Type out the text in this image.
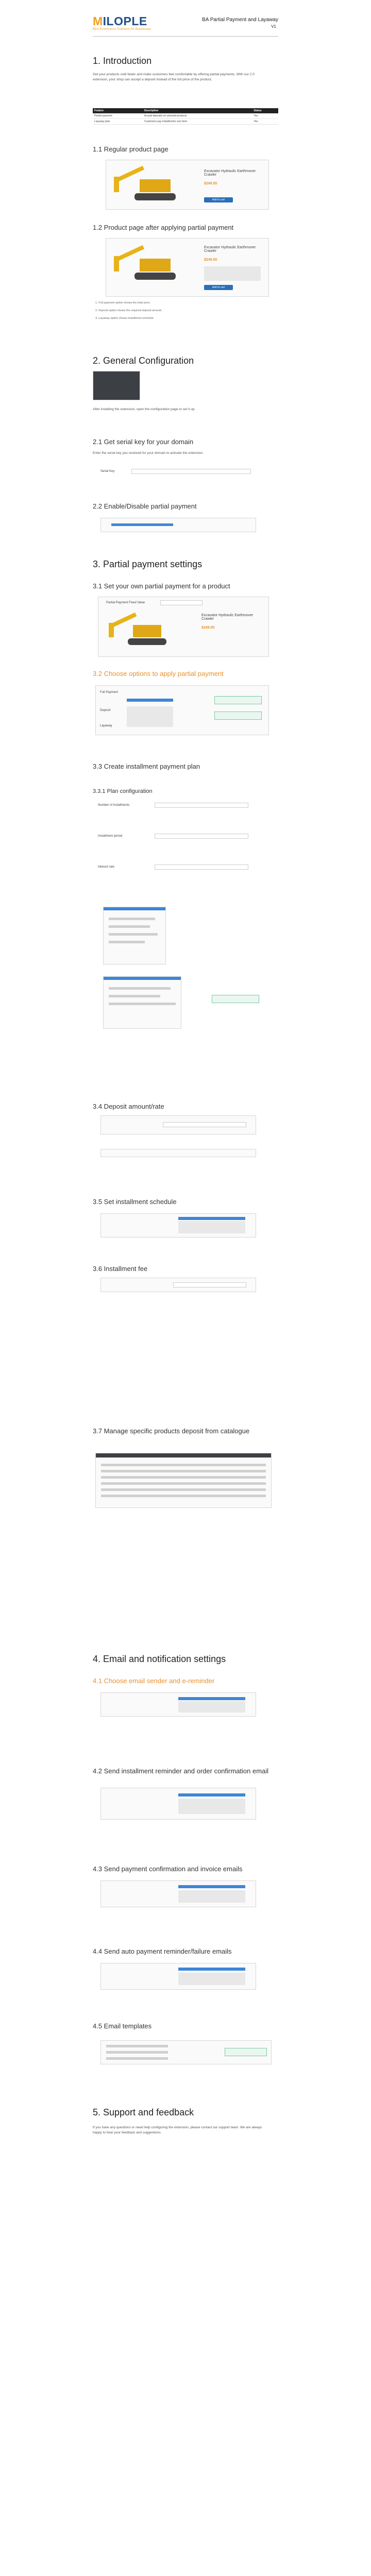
MILOPLE
Best Ecommerce Solutions for Businesses
BA Partial Payment and Layaway
V1
1. Introduction

Get your products sold faster and make customers feel comfortable by offering partial payments. With our 2.0 extension, your shop can accept a deposit instead of the full price of the product.

Feature	Description	Status
Partial payment	Accept deposits on selected products	Yes
Layaway plan	Customers pay installments over time	Yes
1.1 Regular product page
Excavator Hydraulic Earthmover Crawler
$249.00
Add to cart
1.2 Product page after applying partial payment
Excavator Hydraulic Earthmover Crawler
$249.00
Add to cart
1. Full payment option shows the total price
2. Deposit option shows the required deposit amount
3. Layaway option shows installment schedule
2. General Configuration

After installing the extension, open the configuration page to set it up.

2.1 Get serial key for your domain

Enter the serial key you received for your domain to activate the extension.

Serial Key
2.2 Enable/Disable partial payment
3. Partial payment settings
3.1 Set your own partial payment for a product
Partial Payment Fixed Value
Excavator Hydraulic Earthmover Crawler
$249.00
3.2 Choose options to apply partial payment
Full Payment
Deposit
Layaway
3.3 Create installment payment plan
3.3.1 Plan configuration
Number of installments
Installment period
Interest rate
3.4 Deposit amount/rate
3.5 Set installment schedule
3.6 Installment fee
3.7 Manage specific products deposit from catalogue
4. Email and notification settings
4.1 Choose email sender and e-reminder
4.2 Send installment reminder and order confirmation email
4.3 Send payment confirmation and invoice emails
4.4 Send auto payment reminder/failure emails
4.5 Email templates
5. Support and feedback

If you have any questions or need help configuring the extension, please contact our support team. We are always happy to hear your feedback and suggestions.
